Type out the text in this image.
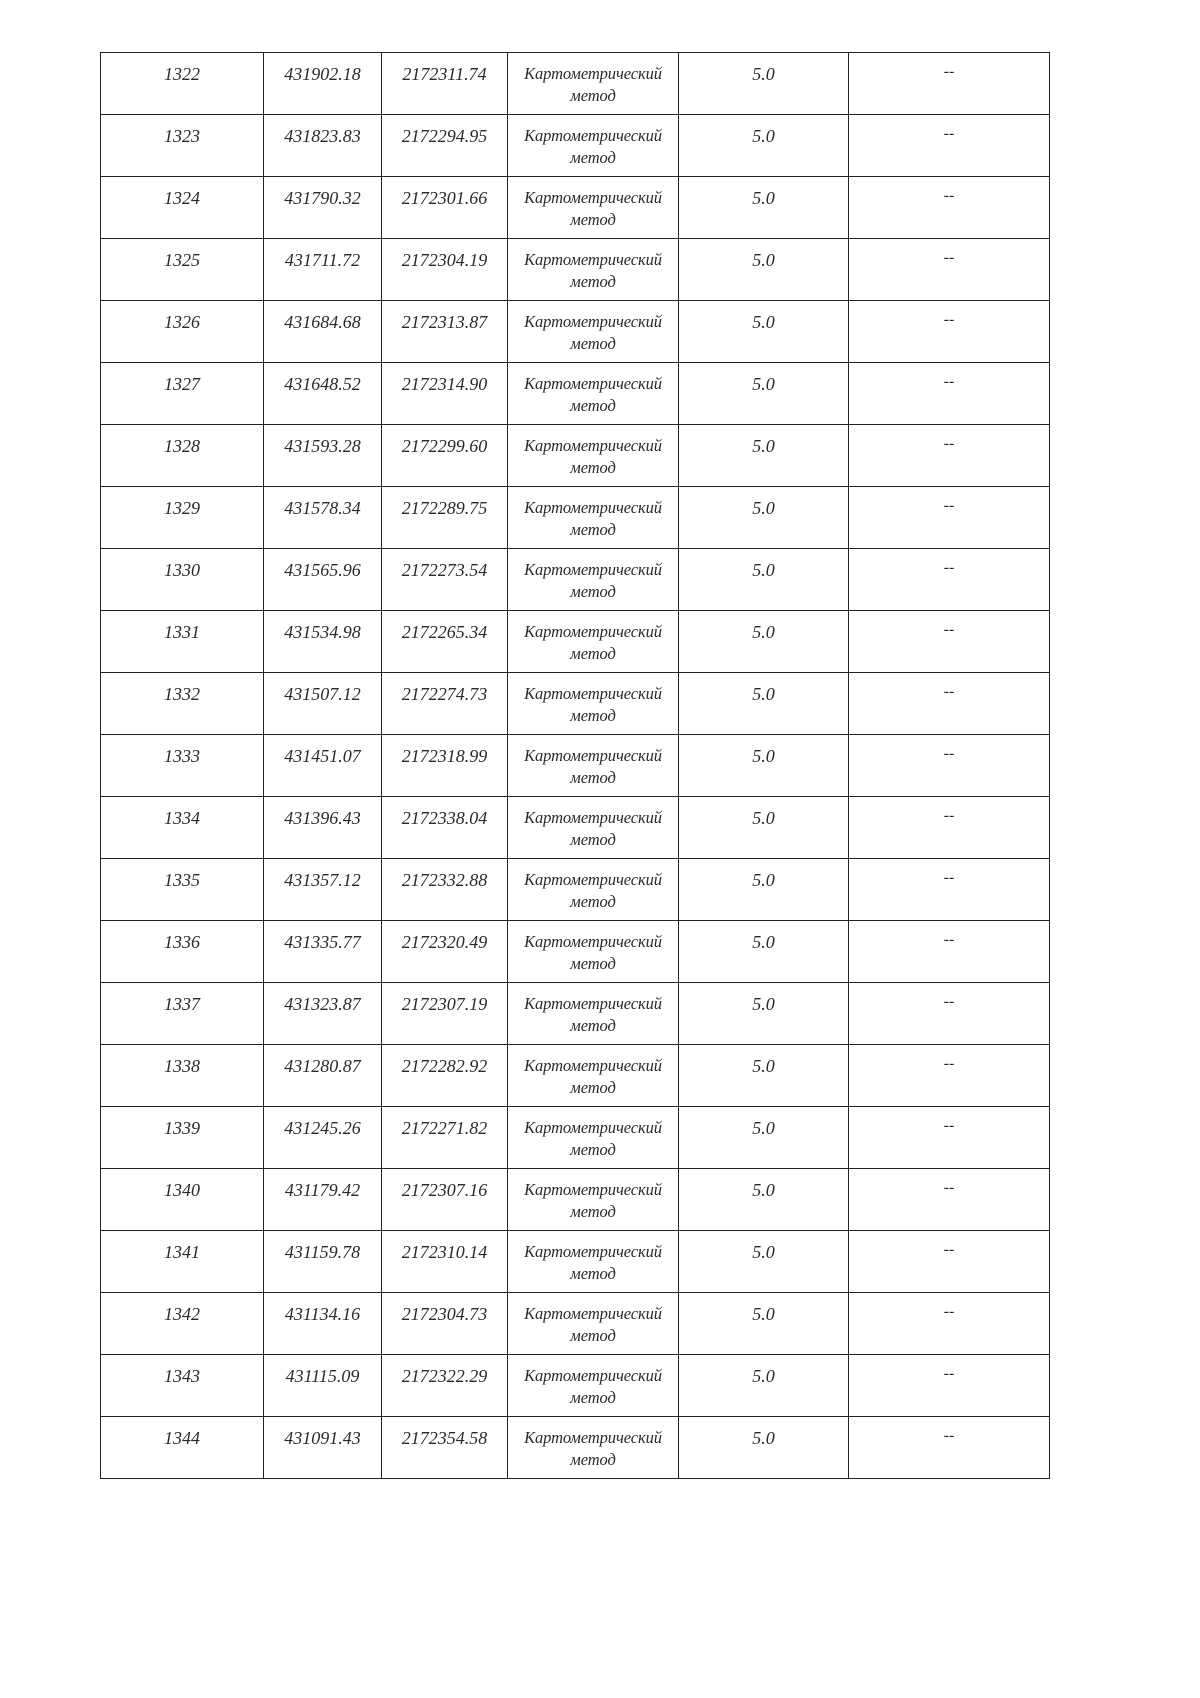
1322	431902.18	2172311.74	Картометрический
метод	5.0	--
1323	431823.83	2172294.95	Картометрический
метод	5.0	--
1324	431790.32	2172301.66	Картометрический
метод	5.0	--
1325	431711.72	2172304.19	Картометрический
метод	5.0	--
1326	431684.68	2172313.87	Картометрический
метод	5.0	--
1327	431648.52	2172314.90	Картометрический
метод	5.0	--
1328	431593.28	2172299.60	Картометрический
метод	5.0	--
1329	431578.34	2172289.75	Картометрический
метод	5.0	--
1330	431565.96	2172273.54	Картометрический
метод	5.0	--
1331	431534.98	2172265.34	Картометрический
метод	5.0	--
1332	431507.12	2172274.73	Картометрический
метод	5.0	--
1333	431451.07	2172318.99	Картометрический
метод	5.0	--
1334	431396.43	2172338.04	Картометрический
метод	5.0	--
1335	431357.12	2172332.88	Картометрический
метод	5.0	--
1336	431335.77	2172320.49	Картометрический
метод	5.0	--
1337	431323.87	2172307.19	Картометрический
метод	5.0	--
1338	431280.87	2172282.92	Картометрический
метод	5.0	--
1339	431245.26	2172271.82	Картометрический
метод	5.0	--
1340	431179.42	2172307.16	Картометрический
метод	5.0	--
1341	431159.78	2172310.14	Картометрический
метод	5.0	--
1342	431134.16	2172304.73	Картометрический
метод	5.0	--
1343	431115.09	2172322.29	Картометрический
метод	5.0	--
1344	431091.43	2172354.58	Картометрический
метод	5.0	--
